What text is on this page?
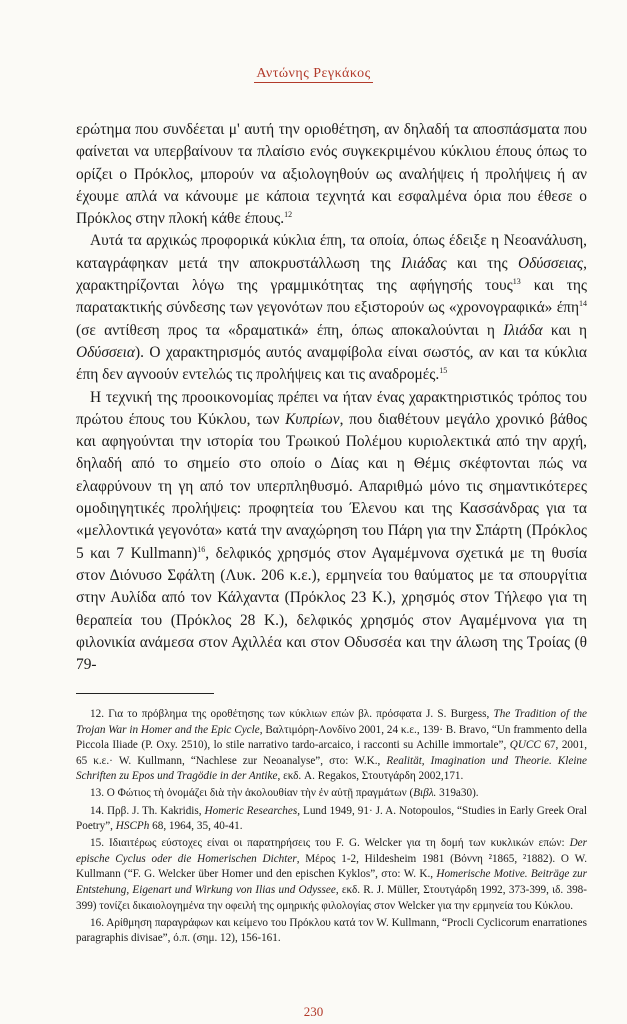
Αντώνης Ρεγκάκος

ερώτημα που συνδέεται μ' αυτή την οριοθέτηση, αν δηλαδή τα αποσπάσματα που φαίνεται να υπερβαίνουν τα πλαίσιο ενός συγκεκριμένου κύκλιου έπους όπως το ορίζει ο Πρόκλος, μπορούν να αξιολογηθούν ως αναλήψεις ή προλήψεις ή αν έχουμε απλά να κάνουμε με κάποια τεχνητά και εσφαλμένα όρια που έθεσε ο Πρόκλος στην πλοκή κάθε έπους.$^{12}$

Αυτά τα αρχικώς προφορικά κύκλια έπη, τα οποία, όπως έδειξε η Νεοανάλυση, καταγράφηκαν μετά την αποκρυστάλλωση της Ιλιάδας και της Οδύσσειας, χαρακτηρίζονται λόγω της γραμμικότητας της αφήγησής τους$^{13}$ και της παρατακτικής σύνδεσης των γεγονότων που εξιστορούν ως «χρονογραφικά» έπη$^{14}$ (σε αντίθεση προς τα «δραματικά» έπη, όπως αποκαλούνται η Ιλιάδα και η Οδύσσεια). Ο χαρακτηρισμός αυτός αναμφίβολα είναι σωστός, αν και τα κύκλια έπη δεν αγνοούν εντελώς τις προλήψεις και τις αναδρομές.$^{15}$

Η τεχνική της προοικονομίας πρέπει να ήταν ένας χαρακτηριστικός τρόπος του πρώτου έπους του Κύκλου, των Κυπρίων, που διαθέτουν μεγάλο χρονικό βάθος και αφηγούνται την ιστορία του Τρωικού Πολέμου κυριολεκτικά από την αρχή, δηλαδή από το σημείο στο οποίο ο Δίας και η Θέμις σκέφτονται πώς να ελαφρύνουν τη γη από τον υπερπληθυσμό. Απαριθμώ μόνο τις σημαντικότερες ομοδιηγητικές προλήψεις: προφητεία του Έλενου και της Κασσάνδρας για τα «μελλοντικά γεγονότα» κατά την αναχώρηση του Πάρη για την Σπάρτη (Πρόκλος 5 και 7 Kullmann)$^{16}$, δελφικός χρησμός στον Αγαμέμνονα σχετικά με τη θυσία στον Διόνυσο Σφάλτη (Λυκ. 206 κ.ε.), ερμηνεία του θαύματος με τα σπουργίτια στην Αυλίδα από τον Κάλχαντα (Πρόκλος 23 Κ.), χρησμός στον Τήλεφο για τη θεραπεία του (Πρόκλος 28 Κ.), δελφικός χρησμός στον Αγαμέμνονα για τη φιλονικία ανάμεσα στον Αχιλλέα και στον Οδυσσέα και την άλωση της Τροίας (θ 79-

12. Για το πρόβλημα της οροθέτησης των κύκλιων επών βλ. πρόσφατα J. S. Burgess, The Tradition of the Trojan War in Homer and the Epic Cycle, Βαλτιμόρη-Λονδίνο 2001, 24 κ.ε., 139· B. Bravo, “Un frammento della Piccola Iliade (P. Oxy. 2510), lo stile narrativo tardo-arcaico, i racconti su Achille immortale”, QUCC 67, 2001, 65 κ.ε.· W. Kullmann, “Nachlese zur Neoanalyse”, στο: W.K., Realität, Imagination und Theorie. Kleine Schriften zu Epos und Tragödie in der Antike, εκδ. A. Regakos, Στουτγάρδη 2002,171.

13. Ο Φώτιος τὴ ὀνομάζει διὰ τὴν ἀκολουθίαν τὴν ἐν αὐτῇ πραγμάτων (Βιβλ. 319a30).

14. Πρβ. J. Th. Kakridis, Homeric Researches, Lund 1949, 91· J. A. Notopoulos, “Studies in Early Greek Oral Poetry”, HSCPh 68, 1964, 35, 40-41.

15. Ιδιαιτέρως εύστοχες είναι οι παρατηρήσεις του F. G. Welcker για τη δομή των κυκλικών επών: Der epische Cyclus oder die Homerischen Dichter, Μέρος 1-2, Hildesheim 1981 (Βόννη ²1865, ²1882). Ο W. Kullmann (“F. G. Welcker über Homer und den epischen Kyklos”, στο: W. K., Homerische Motive. Beiträge zur Entstehung, Eigenart und Wirkung von Ilias und Odyssee, εκδ. R. J. Müller, Στουτγάρδη 1992, 373-399, ιδ. 398-399) τονίζει δικαιολογημένα την οφειλή της ομηρικής φιλολογίας στον Welcker για την ερμηνεία του Κύκλου.

16. Αρίθμηση παραγράφων και κείμενο του Πρόκλου κατά τον W. Kullmann, “Procli Cyclicorum enarrationes paragraphis divisae”, ό.π. (σημ. 12), 156-161.

230
